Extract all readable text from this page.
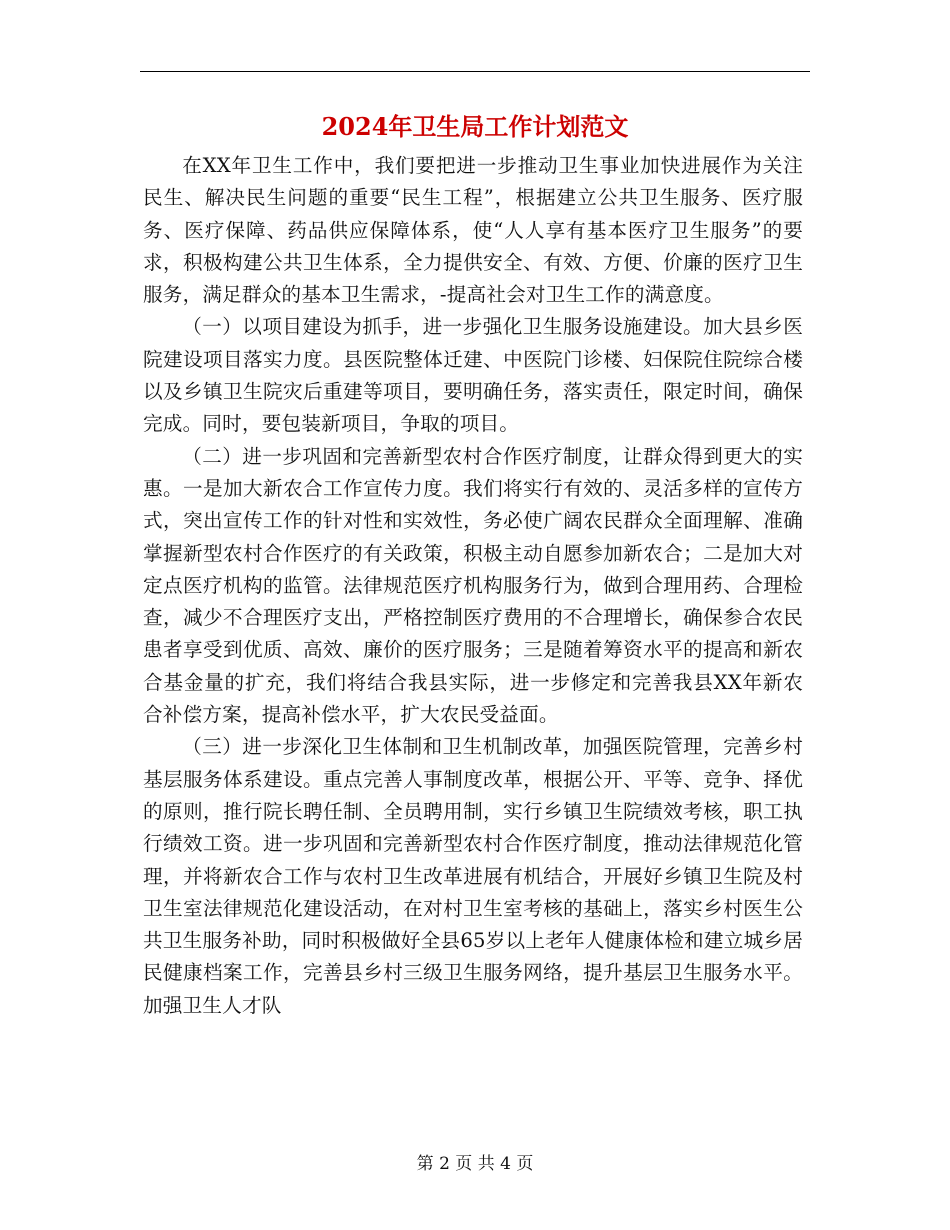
2024年卫生局工作计划范文

在XX年卫生工作中，我们要把进一步推动卫生事业加快进展作为关注民生、解决民生问题的重要“民生工程”，根据建立公共卫生服务、医疗服务、医疗保障、药品供应保障体系，使“人人享有基本医疗卫生服务”的要求，积极构建公共卫生体系，全力提供安全、有效、方便、价廉的医疗卫生服务，满足群众的基本卫生需求，-提高社会对卫生工作的满意度。

（一）以项目建设为抓手，进一步强化卫生服务设施建设。加大县乡医院建设项目落实力度。县医院整体迁建、中医院门诊楼、妇保院住院综合楼以及乡镇卫生院灾后重建等项目，要明确任务，落实责任，限定时间，确保完成。同时，要包装新项目，争取的项目。

（二）进一步巩固和完善新型农村合作医疗制度，让群众得到更大的实惠。一是加大新农合工作宣传力度。我们将实行有效的、灵活多样的宣传方式，突出宣传工作的针对性和实效性，务必使广阔农民群众全面理解、准确掌握新型农村合作医疗的有关政策，积极主动自愿参加新农合；二是加大对定点医疗机构的监管。法律规范医疗机构服务行为，做到合理用药、合理检查，减少不合理医疗支出，严格控制医疗费用的不合理增长，确保参合农民患者享受到优质、高效、廉价的医疗服务；三是随着筹资水平的提高和新农合基金量的扩充，我们将结合我县实际，进一步修定和完善我县XX年新农合补偿方案，提高补偿水平，扩大农民受益面。

（三）进一步深化卫生体制和卫生机制改革，加强医院管理，完善乡村基层服务体系建设。重点完善人事制度改革，根据公开、平等、竞争、择优的原则，推行院长聘任制、全员聘用制，实行乡镇卫生院绩效考核，职工执行绩效工资。进一步巩固和完善新型农村合作医疗制度，推动法律规范化管理，并将新农合工作与农村卫生改革进展有机结合，开展好乡镇卫生院及村卫生室法律规范化建设活动，在对村卫生室考核的基础上，落实乡村医生公共卫生服务补助，同时积极做好全县65岁以上老年人健康体检和建立城乡居民健康档案工作，完善县乡村三级卫生服务网络，提升基层卫生服务水平。加强卫生人才队

第 2 页 共 4 页
